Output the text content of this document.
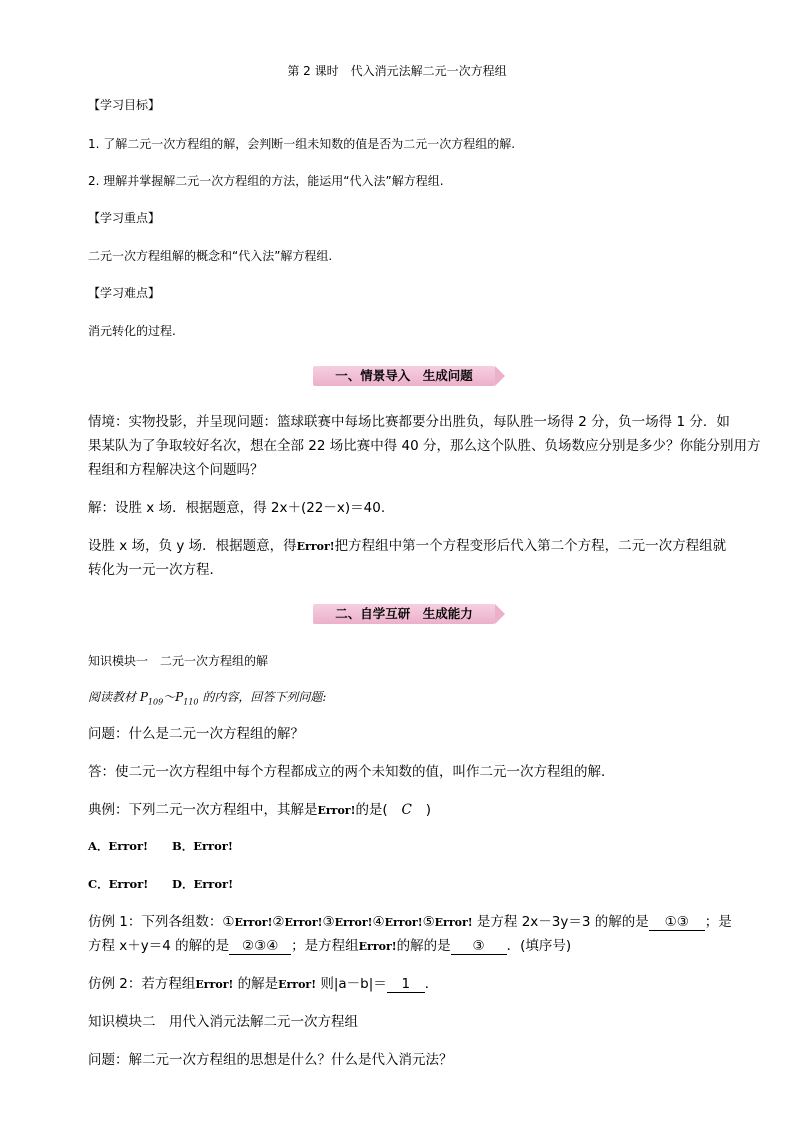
第 2 课时　代入消元法解二元一次方程组
【学习目标】
1. 了解二元一次方程组的解，会判断一组未知数的值是否为二元一次方程组的解.
2. 理解并掌握解二元一次方程组的方法，能运用“代入法”解方程组.
【学习重点】
二元一次方程组解的概念和“代入法”解方程组.
【学习难点】
消元转化的过程.
一、情景导入　生成问题
情境：实物投影，并呈现问题：篮球联赛中每场比赛都要分出胜负，每队胜一场得 2 分，负一场得 1 分．如
果某队为了争取较好名次，想在全部 22 场比赛中得 40 分，那么这个队胜、负场数应分别是多少？你能分别用方
程组和方程解决这个问题吗？
解：设胜 x 场．根据题意，得 2x＋(22－x)＝40.
设胜 x 场，负 y 场．根据题意，得Error!把方程组中第一个方程变形后代入第二个方程，二元一次方程组就
转化为一元一次方程．
二、自学互研　生成能力
知识模块一　二元一次方程组的解
阅读教材 $P_{109}\sim P_{110}$ 的内容，回答下列问题:
问题：什么是二元一次方程组的解？
答：使二元一次方程组中每个方程都成立的两个未知数的值，叫作二元一次方程组的解．
典例：下列二元一次方程组中，其解是Error!的是( C )
A．Error! B．Error!
C．Error! D．Error!
仿例 1：下列各组数：①Error!②Error!③Error!④Error!⑤Error! 是方程 2x－3y＝3 的解的是 ①③ ；是
方程 x＋y＝4 的解的是 ②③④ ；是方程组Error!的解的是 ③ ．(填序号)
仿例 2：若方程组Error! 的解是Error! 则|a－b|＝ 1 ．
知识模块二　用代入消元法解二元一次方程组
问题：解二元一次方程组的思想是什么？什么是代入消元法？
